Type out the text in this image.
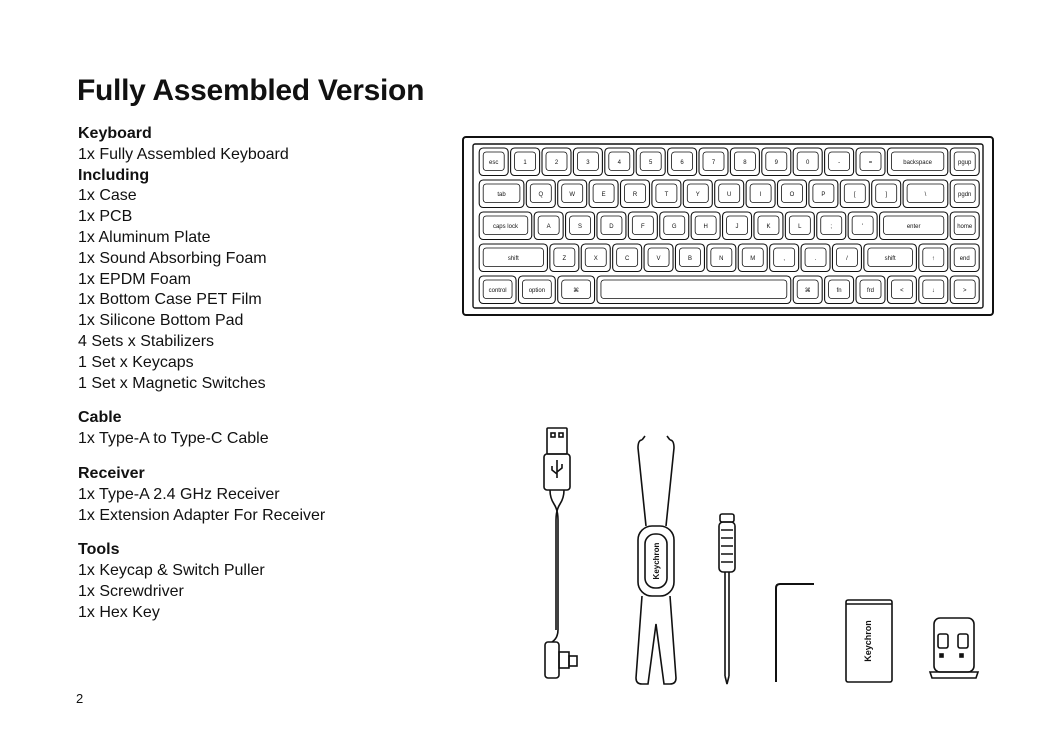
Fully Assembled Version
Keyboard
1x Fully Assembled Keyboard
Including
1x Case
1x PCB
1x Aluminum Plate
1x Sound Absorbing Foam
1x EPDM Foam
1x Bottom Case PET Film
1x Silicone Bottom Pad
4 Sets x Stabilizers
1 Set x Keycaps
1 Set x Magnetic Switches
Cable
1x Type-A to Type-C Cable
Receiver
1x Type-A 2.4 GHz Receiver
1x Extension Adapter For Receiver
Tools
1x Keycap & Switch Puller
1x Screwdriver
1x Hex Key
2
esc	1	2	3	4	5	6	7	8	9	0	-	=	backspace	pgup
tab	Q	W	E	R	T	Y	U	I	O	P	[	]	\	pgdn
caps lock	A	S	D	F	G	H	J	K	L	;	'	enter	home
shift	Z	X	C	V	B	N	M	,	.	/	shift	↑	end
control	option	⌘	⌘	fn	frd	<	↓	>
Keychron
Keychron
